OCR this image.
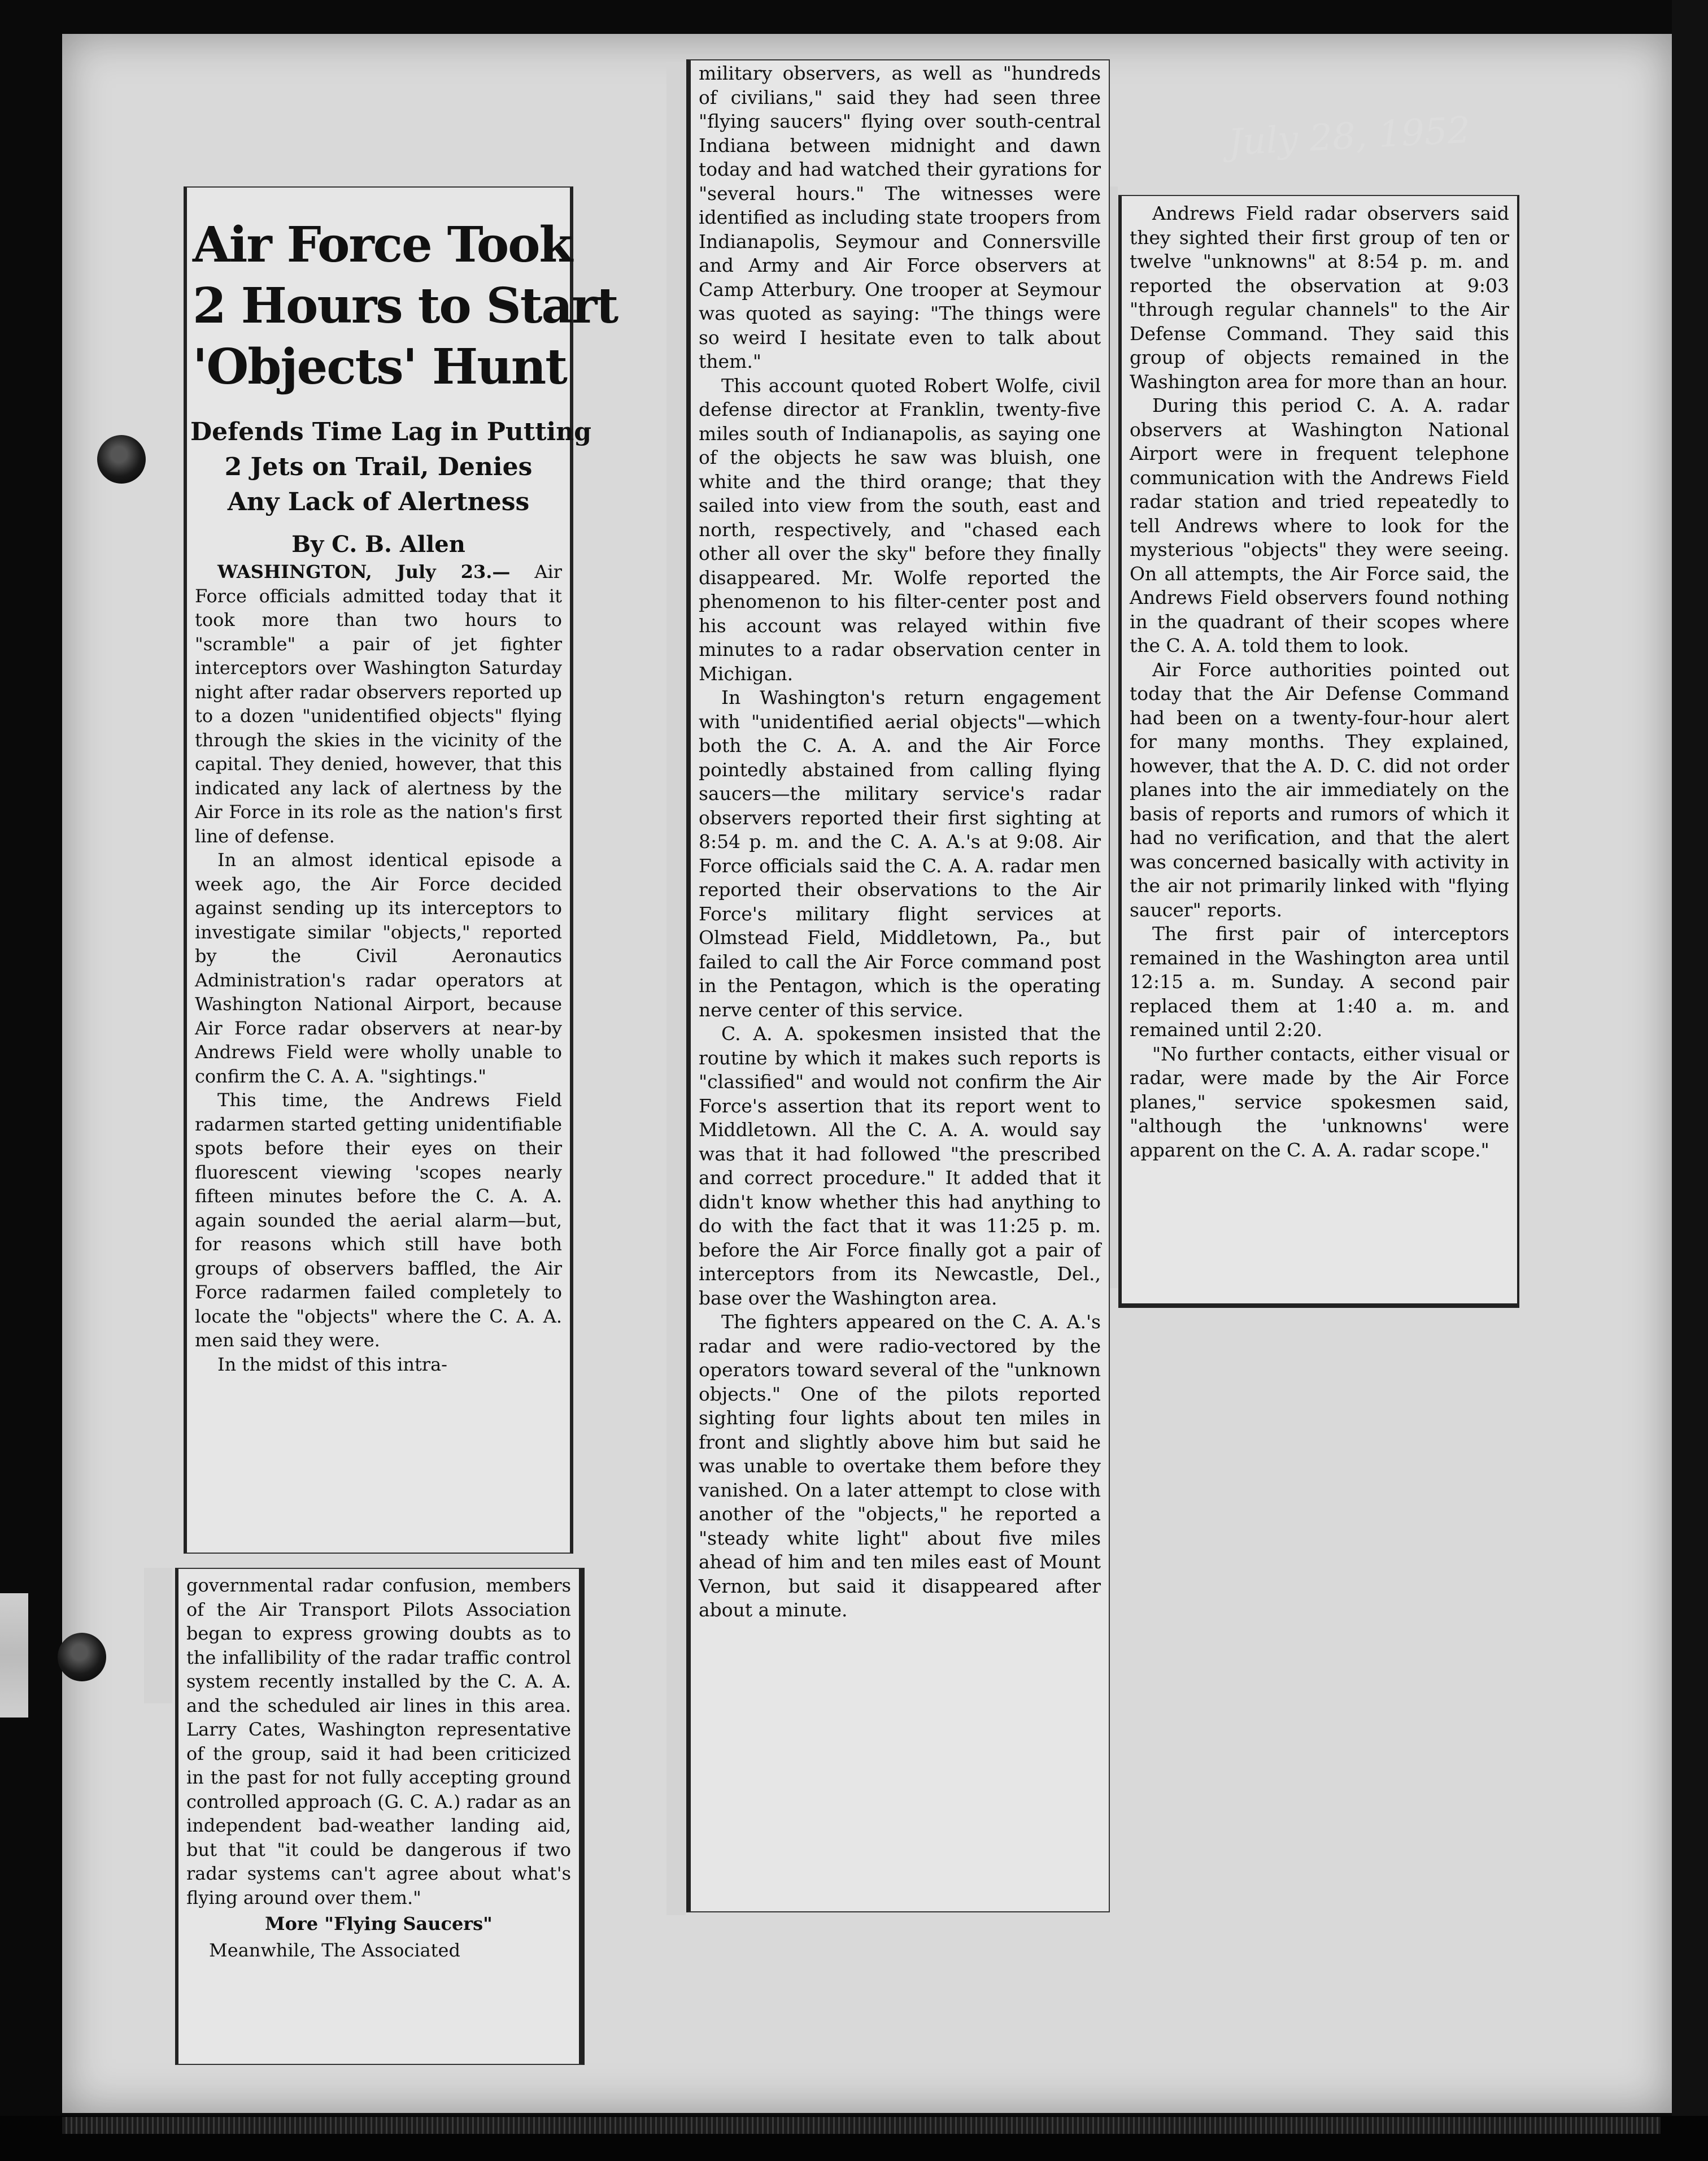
July 28, 1952
Air Force Took
2 Hours to Start
'Objects' Hunt
Defends Time Lag in Putting
2 Jets on Trail, Denies
Any Lack of Alertness
By C. B. Allen

WASHINGTON, July 23.— Air Force officials admitted today that it took more than two hours to "scramble" a pair of jet fighter interceptors over Washington Saturday night after radar observers reported up to a dozen "unidentified objects" flying through the skies in the vicinity of the capital. They denied, however, that this indicated any lack of alertness by the Air Force in its role as the nation's first line of defense.

In an almost identical episode a week ago, the Air Force decided against sending up its interceptors to investigate similar "objects," reported by the Civil Aeronautics Administration's radar operators at Washington National Airport, because Air Force radar observers at near-by Andrews Field were wholly unable to confirm the C. A. A. "sightings."

This time, the Andrews Field radarmen started getting unidentifiable spots before their eyes on their fluorescent viewing 'scopes nearly fifteen minutes before the C. A. A. again sounded the aerial alarm—but, for reasons which still have both groups of observers baffled, the Air Force radarmen failed completely to locate the "objects" where the C. A. A. men said they were.

In the midst of this intra-

governmental radar confusion, members of the Air Transport Pilots Association began to express growing doubts as to the infallibility of the radar traffic control system recently installed by the C. A. A. and the scheduled air lines in this area. Larry Cates, Washington representative of the group, said it had been criticized in the past for not fully accepting ground controlled approach (G. C. A.) radar as an independent bad-weather landing aid, but that "it could be dangerous if two radar systems can't agree about what's flying around over them."

More "Flying Saucers"

Meanwhile, The Associated

military observers, as well as "hundreds of civilians," said they had seen three "flying saucers" flying over south-central Indiana between midnight and dawn today and had watched their gyrations for "several hours." The witnesses were identified as including state troopers from Indianapolis, Seymour and Connersville and Army and Air Force observers at Camp Atterbury. One trooper at Seymour was quoted as saying: "The things were so weird I hesitate even to talk about them."

This account quoted Robert Wolfe, civil defense director at Franklin, twenty-five miles south of Indianapolis, as saying one of the objects he saw was bluish, one white and the third orange; that they sailed into view from the south, east and north, respectively, and "chased each other all over the sky" before they finally disappeared. Mr. Wolfe reported the phenomenon to his filter-center post and his account was relayed within five minutes to a radar observation center in Michigan.

In Washington's return engagement with "unidentified aerial objects"—which both the C. A. A. and the Air Force pointedly abstained from calling flying saucers—the military service's radar observers reported their first sighting at 8:54 p. m. and the C. A. A.'s at 9:08. Air Force officials said the C. A. A. radar men reported their observations to the Air Force's military flight services at Olmstead Field, Middletown, Pa., but failed to call the Air Force command post in the Pentagon, which is the operating nerve center of this service.

C. A. A. spokesmen insisted that the routine by which it makes such reports is "classified" and would not confirm the Air Force's assertion that its report went to Middletown. All the C. A. A. would say was that it had followed "the prescribed and correct procedure." It added that it didn't know whether this had anything to do with the fact that it was 11:25 p. m. before the Air Force finally got a pair of interceptors from its Newcastle, Del., base over the Washington area.

The fighters appeared on the C. A. A.'s radar and were radio-vectored by the operators toward several of the "unknown objects." One of the pilots reported sighting four lights about ten miles in front and slightly above him but said he was unable to overtake them before they vanished. On a later attempt to close with another of the "objects," he reported a "steady white light" about five miles ahead of him and ten miles east of Mount Vernon, but said it disappeared after about a minute.

Andrews Field radar observers said they sighted their first group of ten or twelve "unknowns" at 8:54 p. m. and reported the observation at 9:03 "through regular channels" to the Air Defense Command. They said this group of objects remained in the Washington area for more than an hour.

During this period C. A. A. radar observers at Washington National Airport were in frequent telephone communication with the Andrews Field radar station and tried repeatedly to tell Andrews where to look for the mysterious "objects" they were seeing. On all attempts, the Air Force said, the Andrews Field observers found nothing in the quadrant of their scopes where the C. A. A. told them to look.

Air Force authorities pointed out today that the Air Defense Command had been on a twenty-four-hour alert for many months. They explained, however, that the A. D. C. did not order planes into the air immediately on the basis of reports and rumors of which it had no verification, and that the alert was concerned basically with activity in the air not primarily linked with "flying saucer" reports.

The first pair of interceptors remained in the Washington area until 12:15 a. m. Sunday. A second pair replaced them at 1:40 a. m. and remained until 2:20.

"No further contacts, either visual or radar, were made by the Air Force planes," service spokesmen said, "although the 'unknowns' were apparent on the C. A. A. radar scope."
